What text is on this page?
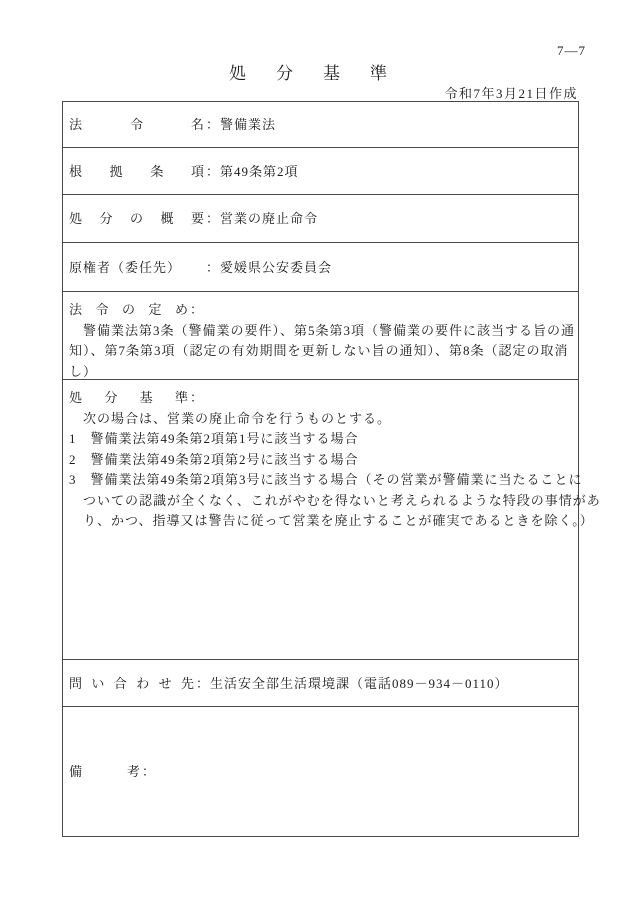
7—7
処分基準
令和7年3月21日作成
法令名 ： 警備業法
根拠条項 ： 第49条第2項
処分の概要 ： 営業の廃止命令
原権者（委任先）	： 愛媛県公安委員会
法令の定め：
　警備業法第3条（警備業の要件）、第5条第3項（警備業の要件に該当する旨の通
知）、第7条第3項（認定の有効期間を更新しない旨の通知）、第8条（認定の取消
し）
処分基準：
　次の場合は、営業の廃止命令を行うものとする。
1　警備業法第49条第2項第1号に該当する場合
2　警備業法第49条第2項第2号に該当する場合
3　警備業法第49条第2項第3号に該当する場合（その営業が警備業に当たることに
　ついての認識が全くなく、これがやむを得ないと考えられるような特段の事情があ
　り、かつ、指導又は警告に従って営業を廃止することが確実であるときを除く。）
問い合わせ先 ： 生活安全部生活環境課（電話089－934－0110）
備考 ：
